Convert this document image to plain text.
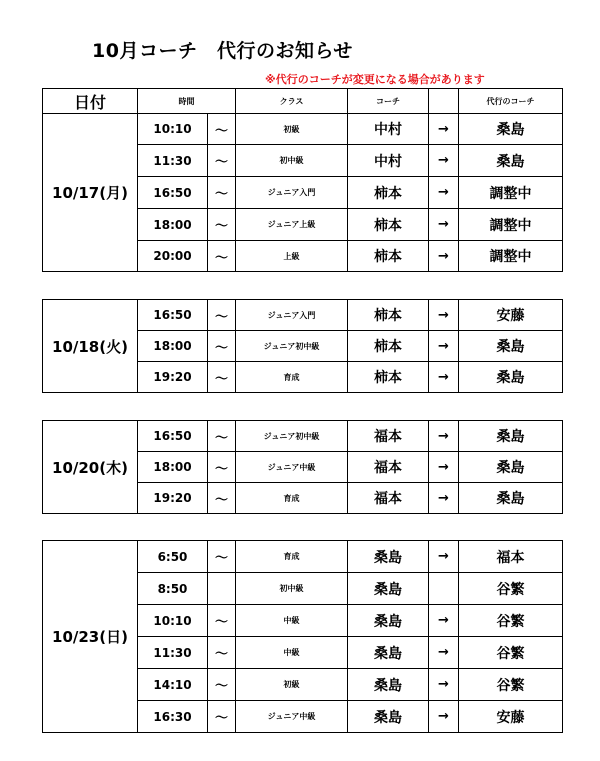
10月コーチ　代行のお知らせ
※代行のコーチが変更になる場合があります
日付	時間		クラス	コーチ		代行のコーチ
10/17(月)	10:10	～	初級	中村	→	桑島
	11:30	～	初中級	中村	→	桑島
	16:50	～	ジュニア入門	柿本	→	調整中
	18:00	～	ジュニア上級	柿本	→	調整中
	20:00	～	上級	柿本	→	調整中
10/18(火)	16:50	～	ジュニア入門	柿本	→	安藤
	18:00	～	ジュニア初中級	柿本	→	桑島
	19:20	～	育成	柿本	→	桑島
10/20(木)	16:50	～	ジュニア初中級	福本	→	桑島
	18:00	～	ジュニア中級	福本	→	桑島
	19:20	～	育成	福本	→	桑島
10/23(日)	6:50	～	育成	桑島	→	福本
	8:50		初中級	桑島		谷繁
	10:10	～	中級	桑島	→	谷繁
	11:30	～	中級	桑島	→	谷繁
	14:10	～	初級	桑島	→	谷繁
	16:30	～	ジュニア中級	桑島	→	安藤
